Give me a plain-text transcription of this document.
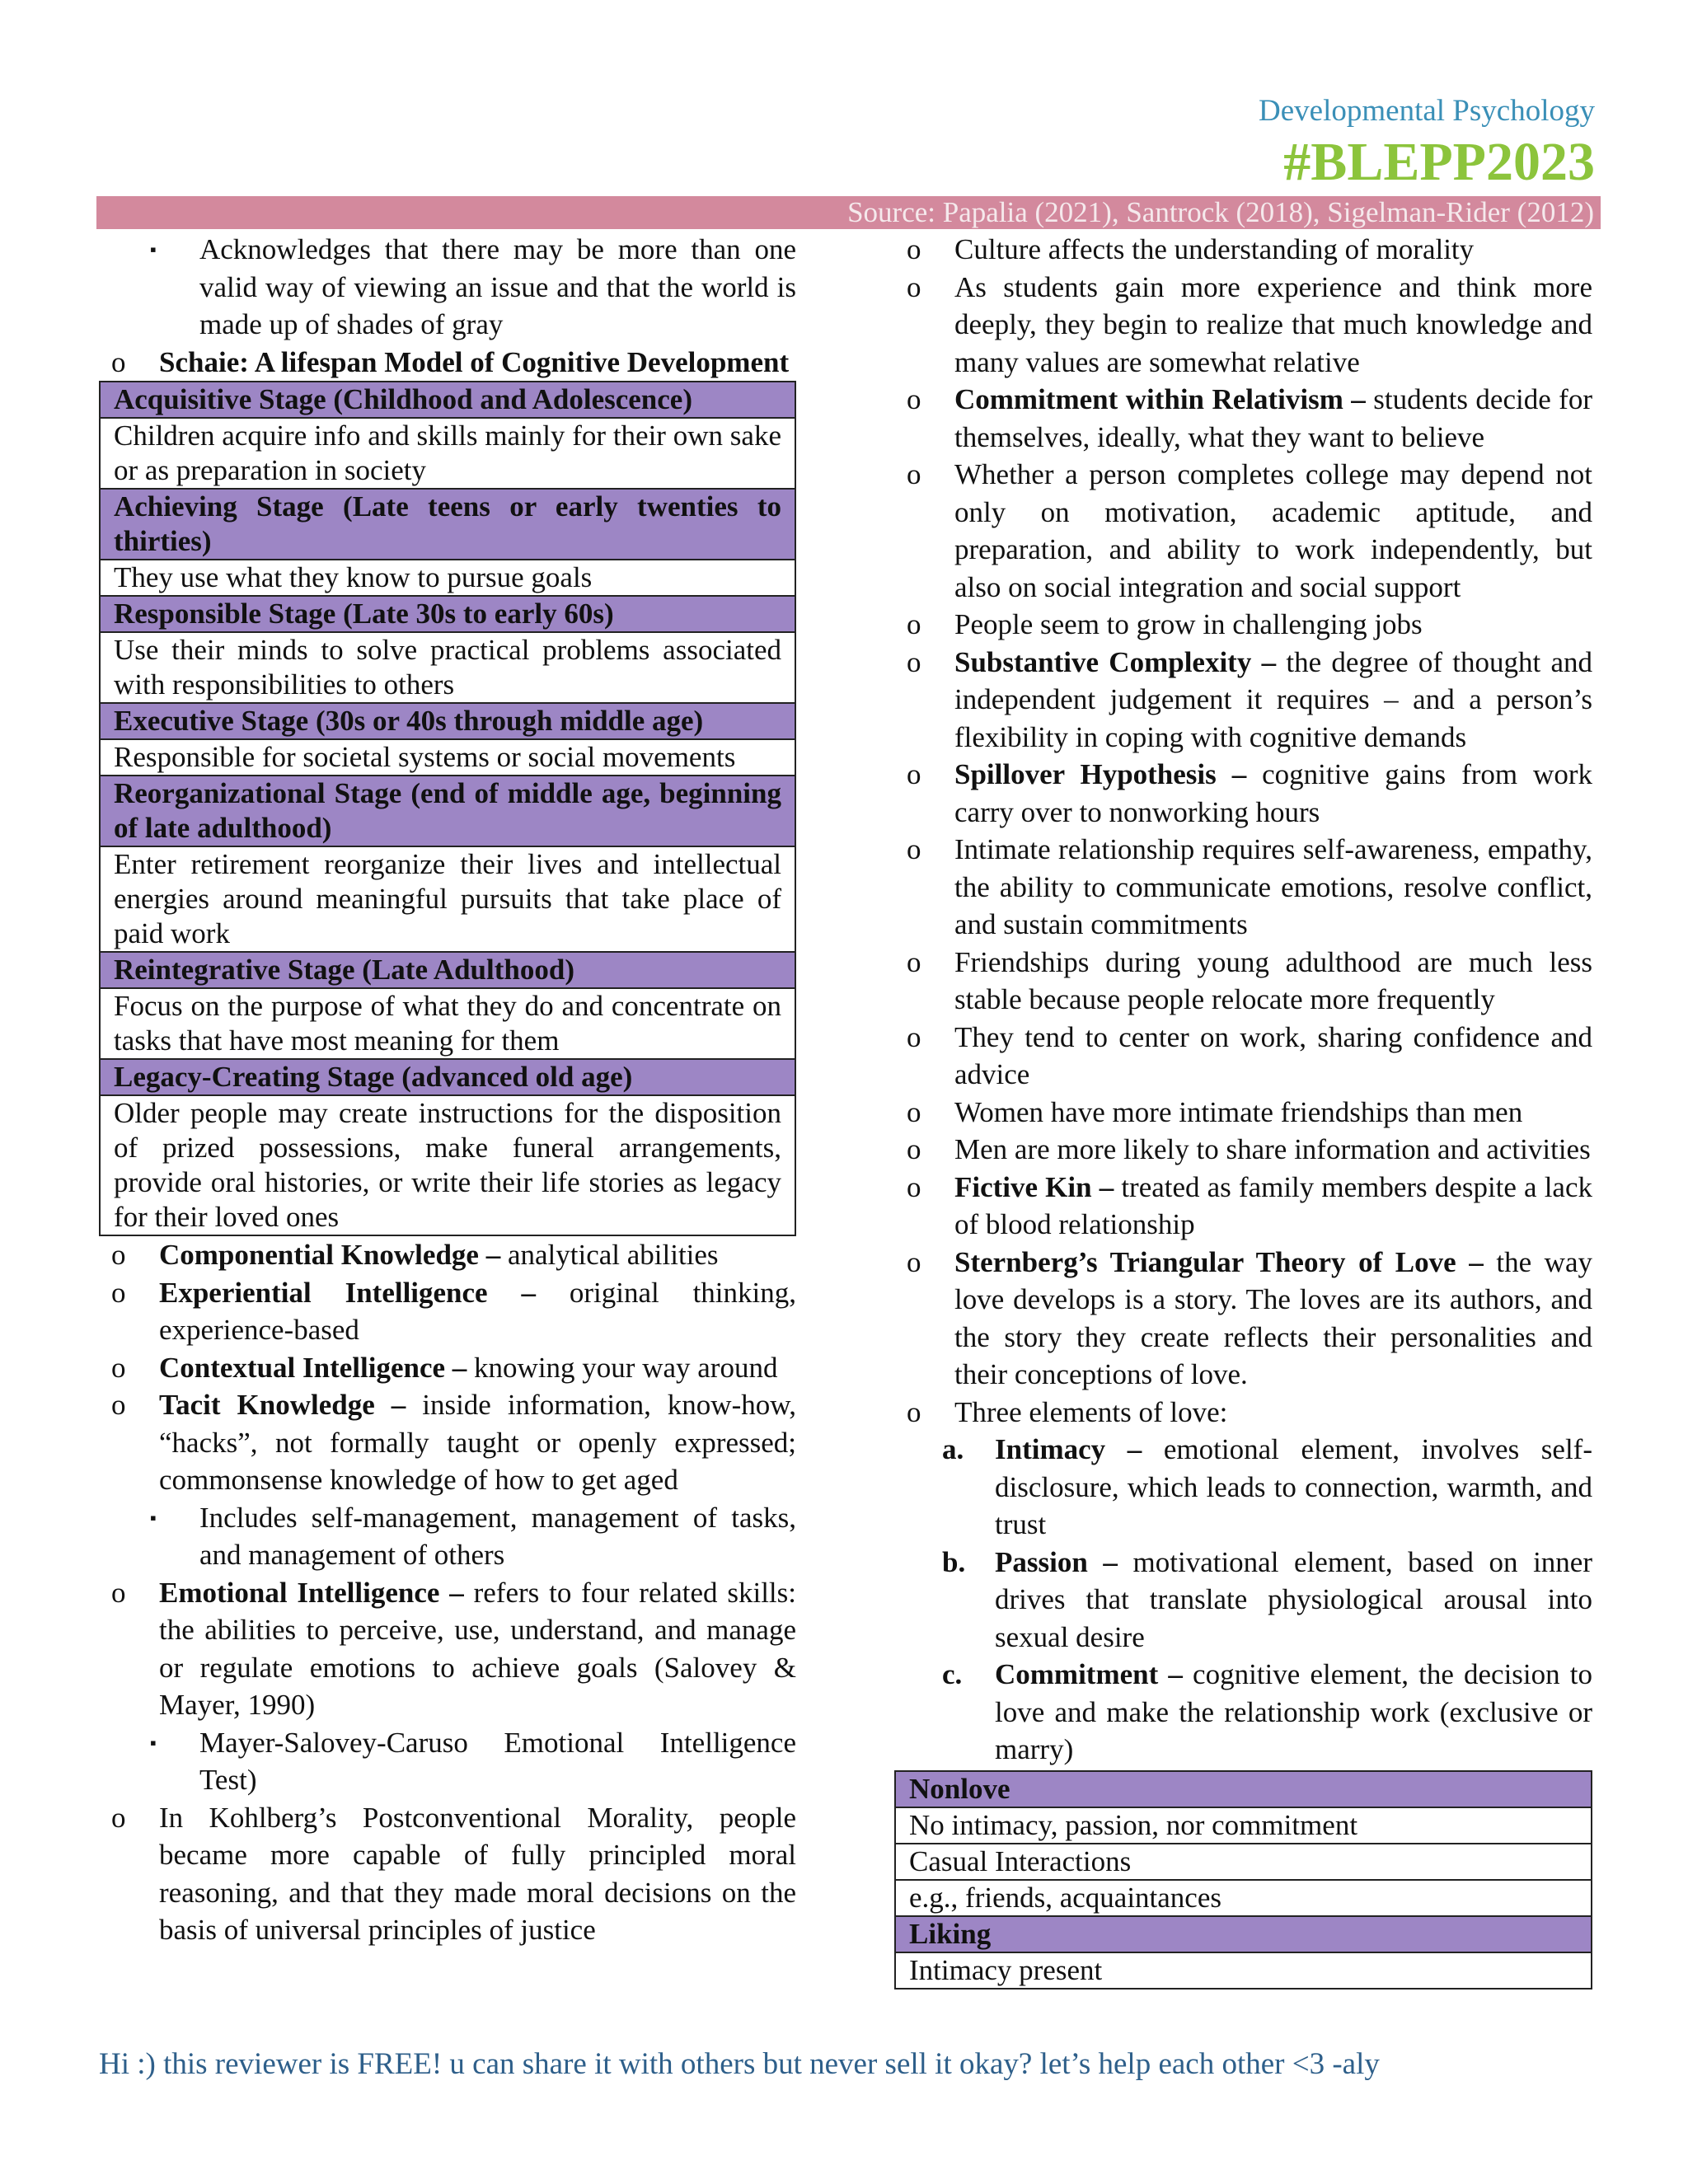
Developmental Psychology
#BLEPP2023
Source: Papalia (2021), Santrock (2018), Sigelman-Rider (2012)
▪ Acknowledges that there may be more than one valid way of viewing an issue and that the world is made up of shades of gray
o Schaie: A lifespan Model of Cognitive Development
Acquisitive Stage (Childhood and Adolescence)
Children acquire info and skills mainly for their own sake or as preparation in society
Achieving Stage (Late teens or early twenties to thirties)
They use what they know to pursue goals
Responsible Stage (Late 30s to early 60s)
Use their minds to solve practical problems associated with responsibilities to others
Executive Stage (30s or 40s through middle age)
Responsible for societal systems or social movements
Reorganizational Stage (end of middle age, beginning of late adulthood)
Enter retirement reorganize their lives and intellectual energies around meaningful pursuits that take place of paid work
Reintegrative Stage (Late Adulthood)
Focus on the purpose of what they do and concentrate on tasks that have most meaning for them
Legacy-Creating Stage (advanced old age)
Older people may create instructions for the disposition of prized possessions, make funeral arrangements, provide oral histories, or write their life stories as legacy for their loved ones
o Componential Knowledge – analytical abilities
o Experiential Intelligence – original thinking, experience-based
o Contextual Intelligence – knowing your way around
o Tacit Knowledge – inside information, know-how, “hacks”, not formally taught or openly expressed; commonsense knowledge of how to get aged
▪ Includes self-management, management of tasks, and management of others
o Emotional Intelligence – refers to four related skills: the abilities to perceive, use, understand, and manage or regulate emotions to achieve goals (Salovey & Mayer, 1990)
▪ Mayer-Salovey-Caruso Emotional Intelligence Test)
o In Kohlberg’s Postconventional Morality, people became more capable of fully principled moral reasoning, and that they made moral decisions on the basis of universal principles of justice
o Culture affects the understanding of morality
o As students gain more experience and think more deeply, they begin to realize that much knowledge and many values are somewhat relative
o Commitment within Relativism – students decide for themselves, ideally, what they want to believe
o Whether a person completes college may depend not only on motivation, academic aptitude, and preparation, and ability to work independently, but also on social integration and social support
o People seem to grow in challenging jobs
o Substantive Complexity – the degree of thought and independent judgement it requires – and a person’s flexibility in coping with cognitive demands
o Spillover Hypothesis – cognitive gains from work carry over to nonworking hours
o Intimate relationship requires self-awareness, empathy, the ability to communicate emotions, resolve conflict, and sustain commitments
o Friendships during young adulthood are much less stable because people relocate more frequently
o They tend to center on work, sharing confidence and advice
o Women have more intimate friendships than men
o Men are more likely to share information and activities
o Fictive Kin – treated as family members despite a lack of blood relationship
o Sternberg’s Triangular Theory of Love – the way love develops is a story. The loves are its authors, and the story they create reflects their personalities and their conceptions of love.
o Three elements of love:
a. Intimacy – emotional element, involves self-disclosure, which leads to connection, warmth, and trust
b. Passion – motivational element, based on inner drives that translate physiological arousal into sexual desire
c. Commitment – cognitive element, the decision to love and make the relationship work (exclusive or marry)
Nonlove
No intimacy, passion, nor commitment
Casual Interactions
e.g., friends, acquaintances
Liking
Intimacy present
Hi :) this reviewer is FREE! u can share it with others but never sell it okay? let’s help each other <3 -aly
